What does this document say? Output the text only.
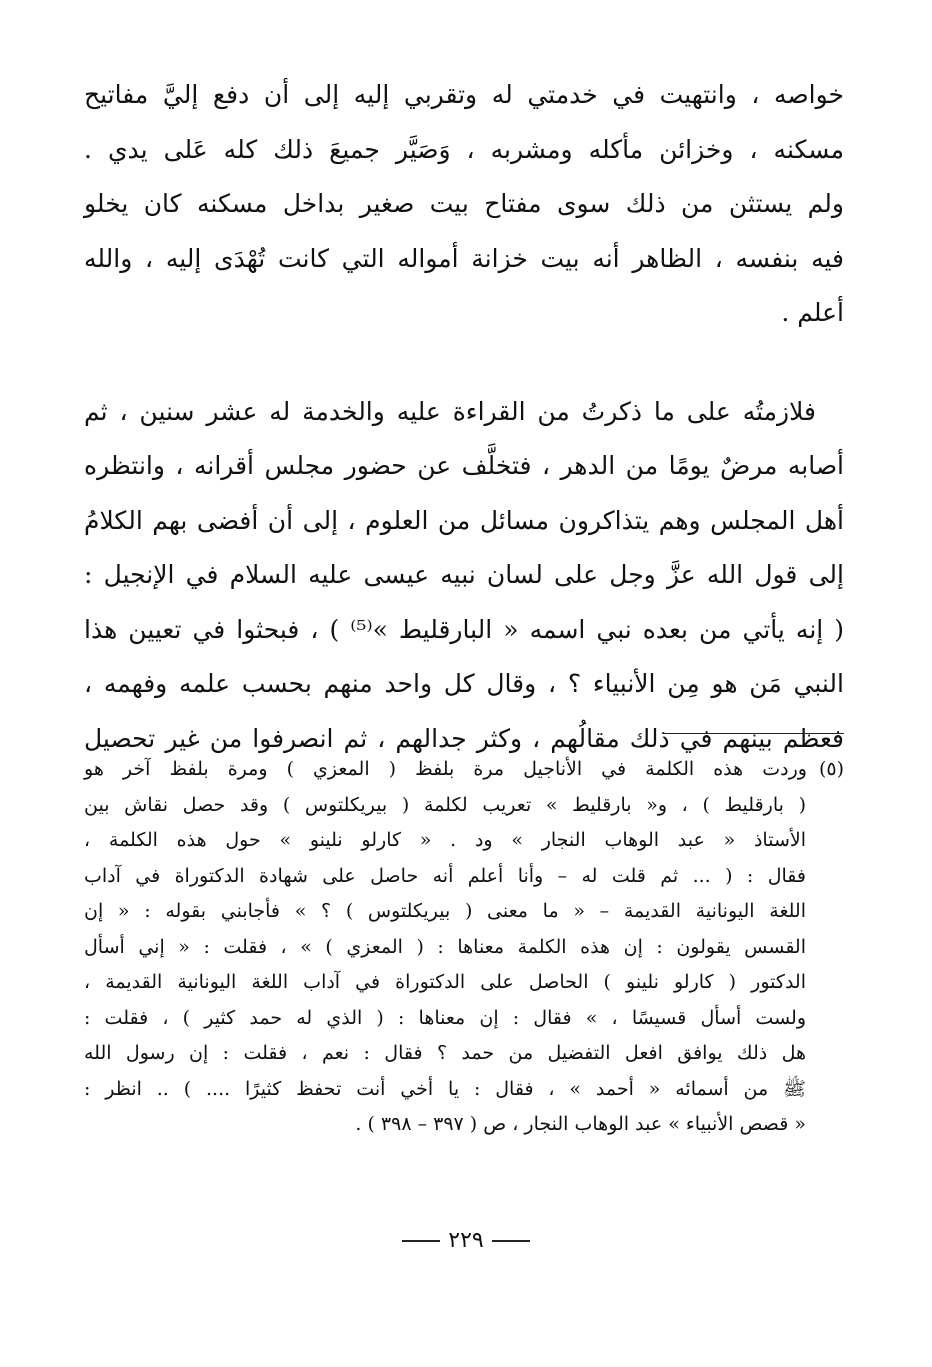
خواصه ، وانتهيت في خدمتي له وتقربي إليه إلى أن دفع إليَّ مفاتيح
مسكنه ، وخزائن مأكله ومشربه ، وَصَيَّر جميعَ ذلك كله عَلى يدي .
ولم يستثن من ذلك سوى مفتاح بيت صغير بداخل مسكنه كان يخلو
فيه بنفسه ، الظاهر أنه بيت خزانة أمواله التي كانت تُهْدَى إليه ، والله
أعلم .
فلازمتُه على ما ذكرتُ من القراءة عليه والخدمة له عشر سنين ، ثم
أصابه مرضٌ يومًا من الدهر ، فتخلَّف عن حضور مجلس أقرانه ، وانتظره
أهل المجلس وهم يتذاكرون مسائل من العلوم ، إلى أن أفضى بهم الكلامُ
إلى قول الله عزَّ وجل على لسان نبيه عيسى عليه السلام في الإنجيل :
( إنه يأتي من بعده نبي اسمه « البارقليط »⁽⁵⁾ ) ، فبحثوا في تعيين هذا
النبي مَن هو مِن الأنبياء ؟ ، وقال كل واحد منهم بحسب علمه وفهمه ،
فعظم بينهم في ذلك مقالُهم ، وكثر جدالهم ، ثم انصرفوا من غير تحصيل
(٥)وردت هذه الكلمة في الأناجيل مرة بلفظ ( المعزي ) ومرة بلفظ آخر هو
( بارقليط ) ، و« بارقليط » تعريب لكلمة ( بيريكلتوس ) وقد حصل نقاش بين
الأستاذ « عبد الوهاب النجار » ود . « كارلو نلينو » حول هذه الكلمة ،
فقال : ( ... ثم قلت له – وأنا أعلم أنه حاصل على شهادة الدكتوراة في آداب
اللغة اليونانية القديمة – « ما معنى ( بيريكلتوس ) ؟ » فأجابني بقوله : « إن
القسس يقولون : إن هذه الكلمة معناها : ( المعزي ) » ، فقلت : « إني أسأل
الدكتور ( كارلو نلينو ) الحاصل على الدكتوراة في آداب اللغة اليونانية القديمة ،
ولست أسأل قسيسًا ، » فقال : إن معناها : ( الذي له حمد كثير ) ، فقلت :
هل ذلك يوافق افعل التفضيل من حمد ؟ فقال : نعم ، فقلت : إن رسول الله
ﷺ من أسمائه « أحمد » ، فقال : يا أخي أنت تحفظ كثيرًا .... ) .. انظر :
« قصص الأنبياء » عبد الوهاب النجار ، ص ( ٣٩٧ – ٣٩٨ ) .
٢٢٩
